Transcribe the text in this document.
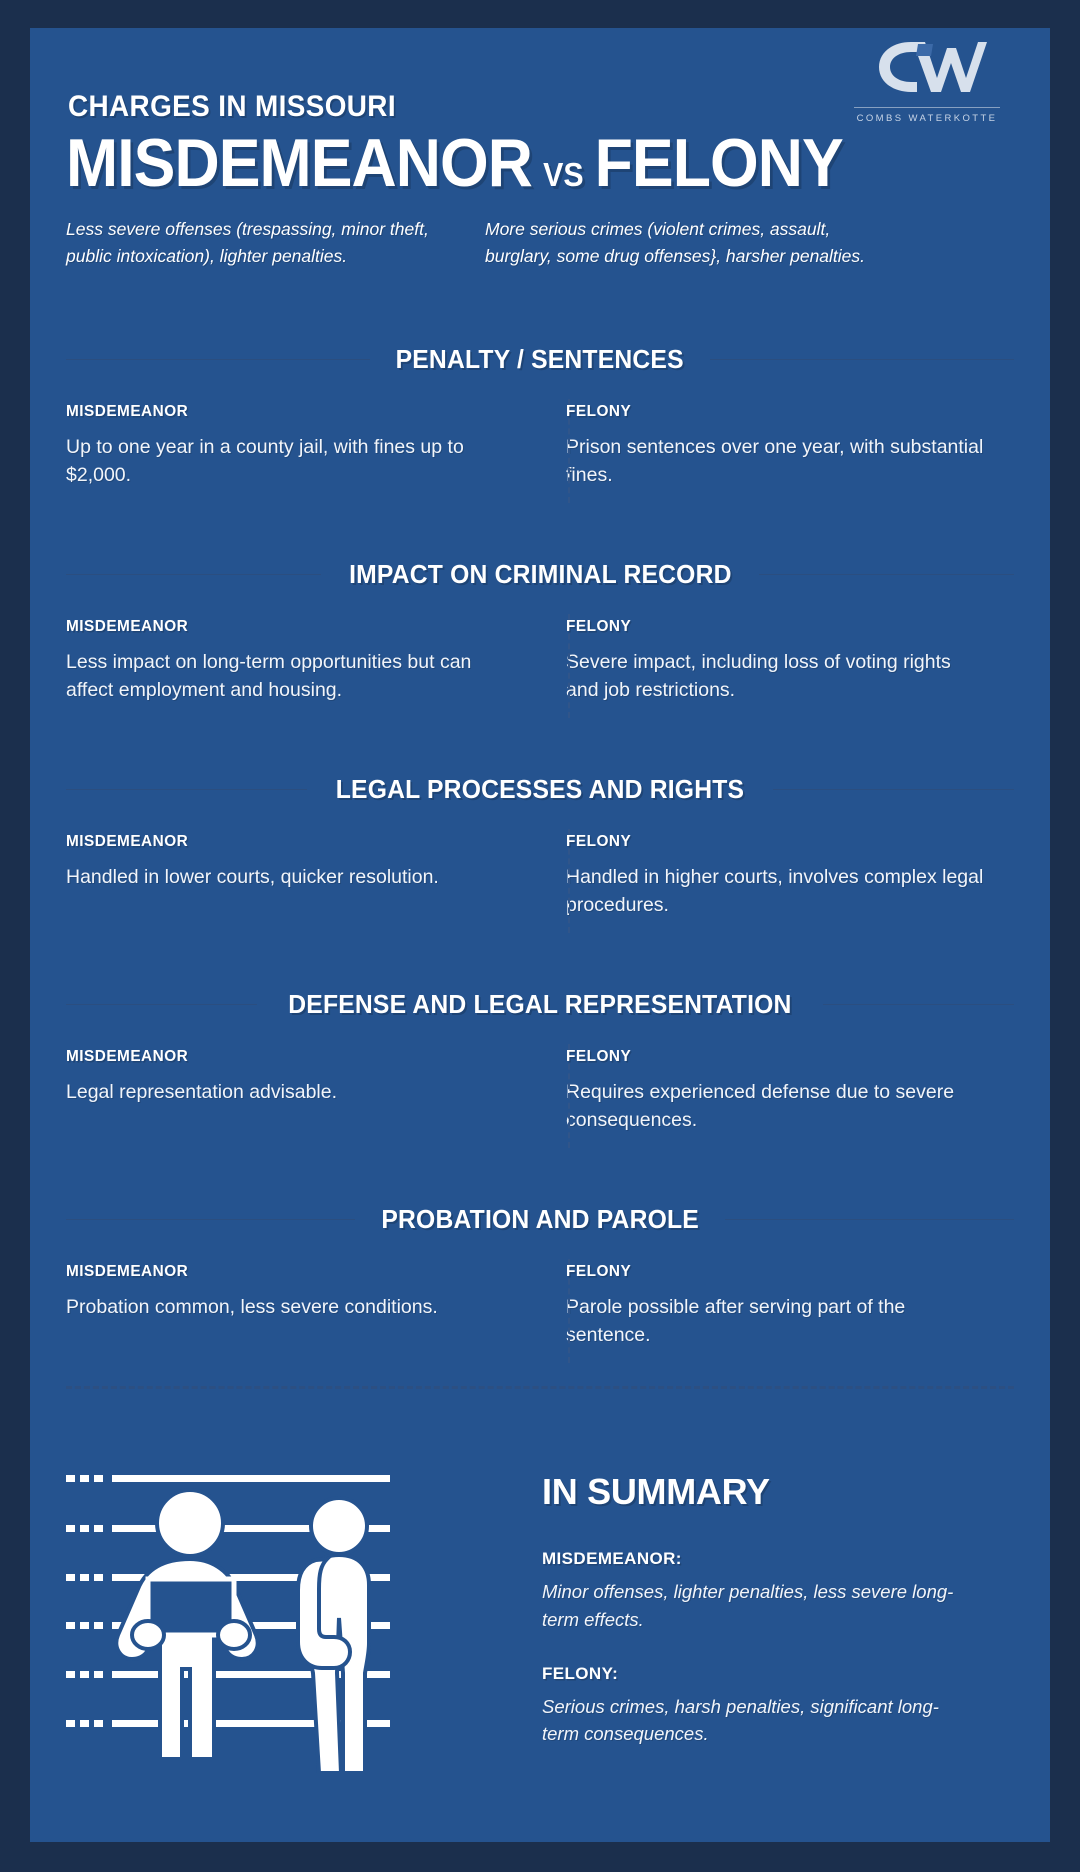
COMBS WATERKOTTE
CHARGES IN MISSOURI
MISDEMEANOR VS FELONY
Less severe offenses (trespassing, minor theft, public intoxication), lighter penalties.
More serious crimes (violent crimes, assault, burglary, some drug offenses}, harsher penalties.
PENALTY / SENTENCES
MISDEMEANOR
Up to one year in a county jail, with fines up to $2,000.
FELONY
Prison sentences over one year, with substantial fines.
IMPACT ON CRIMINAL RECORD
MISDEMEANOR
Less impact on long-term opportunities but can affect employment and housing.
FELONY
Severe impact, including loss of voting rights and job restrictions.
LEGAL PROCESSES AND RIGHTS
MISDEMEANOR
Handled in lower courts, quicker resolution.
FELONY
Handled in higher courts, involves complex legal procedures.
DEFENSE AND LEGAL REPRESENTATION
MISDEMEANOR
Legal representation advisable.
FELONY
Requires experienced defense due to severe consequences.
PROBATION AND PAROLE
MISDEMEANOR
Probation common, less severe conditions.
FELONY
Parole possible after serving part of the sentence.
IN SUMMARY
MISDEMEANOR:
Minor offenses, lighter penalties, less severe long-term effects.
FELONY:
Serious crimes, harsh penalties, significant long-term consequences.
